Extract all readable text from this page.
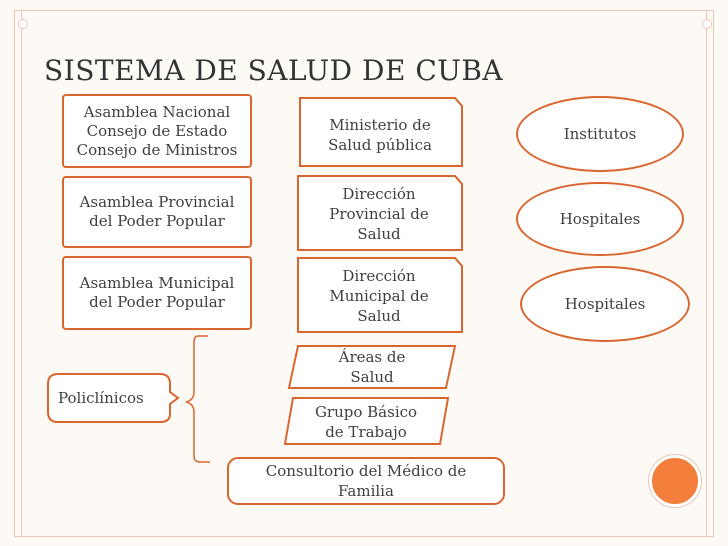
SISTEMA DE SALUD DE CUBA
Asamblea Nacional
Consejo de Estado
Consejo de Ministros
Asamblea Provincial
del Poder Popular
Asamblea Municipal
del Poder Popular
Ministerio de
Salud pública
Dirección
Provincial de
Salud
Dirección
Municipal de
Salud
Institutos
Hospitales
Hospitales
Policlínicos
Áreas de
Salud
Grupo Básico
de Trabajo
Consultorio del Médico de
Familia
